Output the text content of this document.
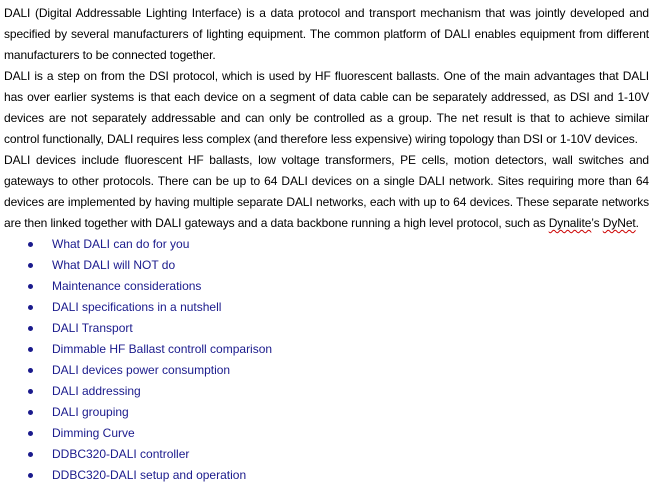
DALI (Digital Addressable Lighting Interface) is a data protocol and transport mechanism that was jointly developed and specified by several manufacturers of lighting equipment. The common platform of DALI enables equipment from different manufacturers to be connected together.

DALI is a step on from the DSI protocol, which is used by HF fluorescent ballasts. One of the main advantages that DALI has over earlier systems is that each device on a segment of data cable can be separately addressed, as DSI and 1-10V devices are not separately addressable and can only be controlled as a group. The net result is that to achieve similar control functionally, DALI requires less complex (and therefore less expensive) wiring topology than DSI or 1-10V devices.

DALI devices include fluorescent HF ballasts, low voltage transformers, PE cells, motion detectors, wall switches and gateways to other protocols. There can be up to 64 DALI devices on a single DALI network. Sites requiring more than 64 devices are implemented by having multiple separate DALI networks, each with up to 64 devices. These separate networks are then linked together with DALI gateways and a data backbone running a high level protocol, such as Dynalite’s DyNet.

What DALI can do for you
What DALI will NOT do
Maintenance considerations
DALI specifications in a nutshell
DALI Transport
Dimmable HF Ballast controll comparison
DALI devices power consumption
DALI addressing
DALI grouping
Dimming Curve
DDBC320-DALI controller
DDBC320-DALI setup and operation
